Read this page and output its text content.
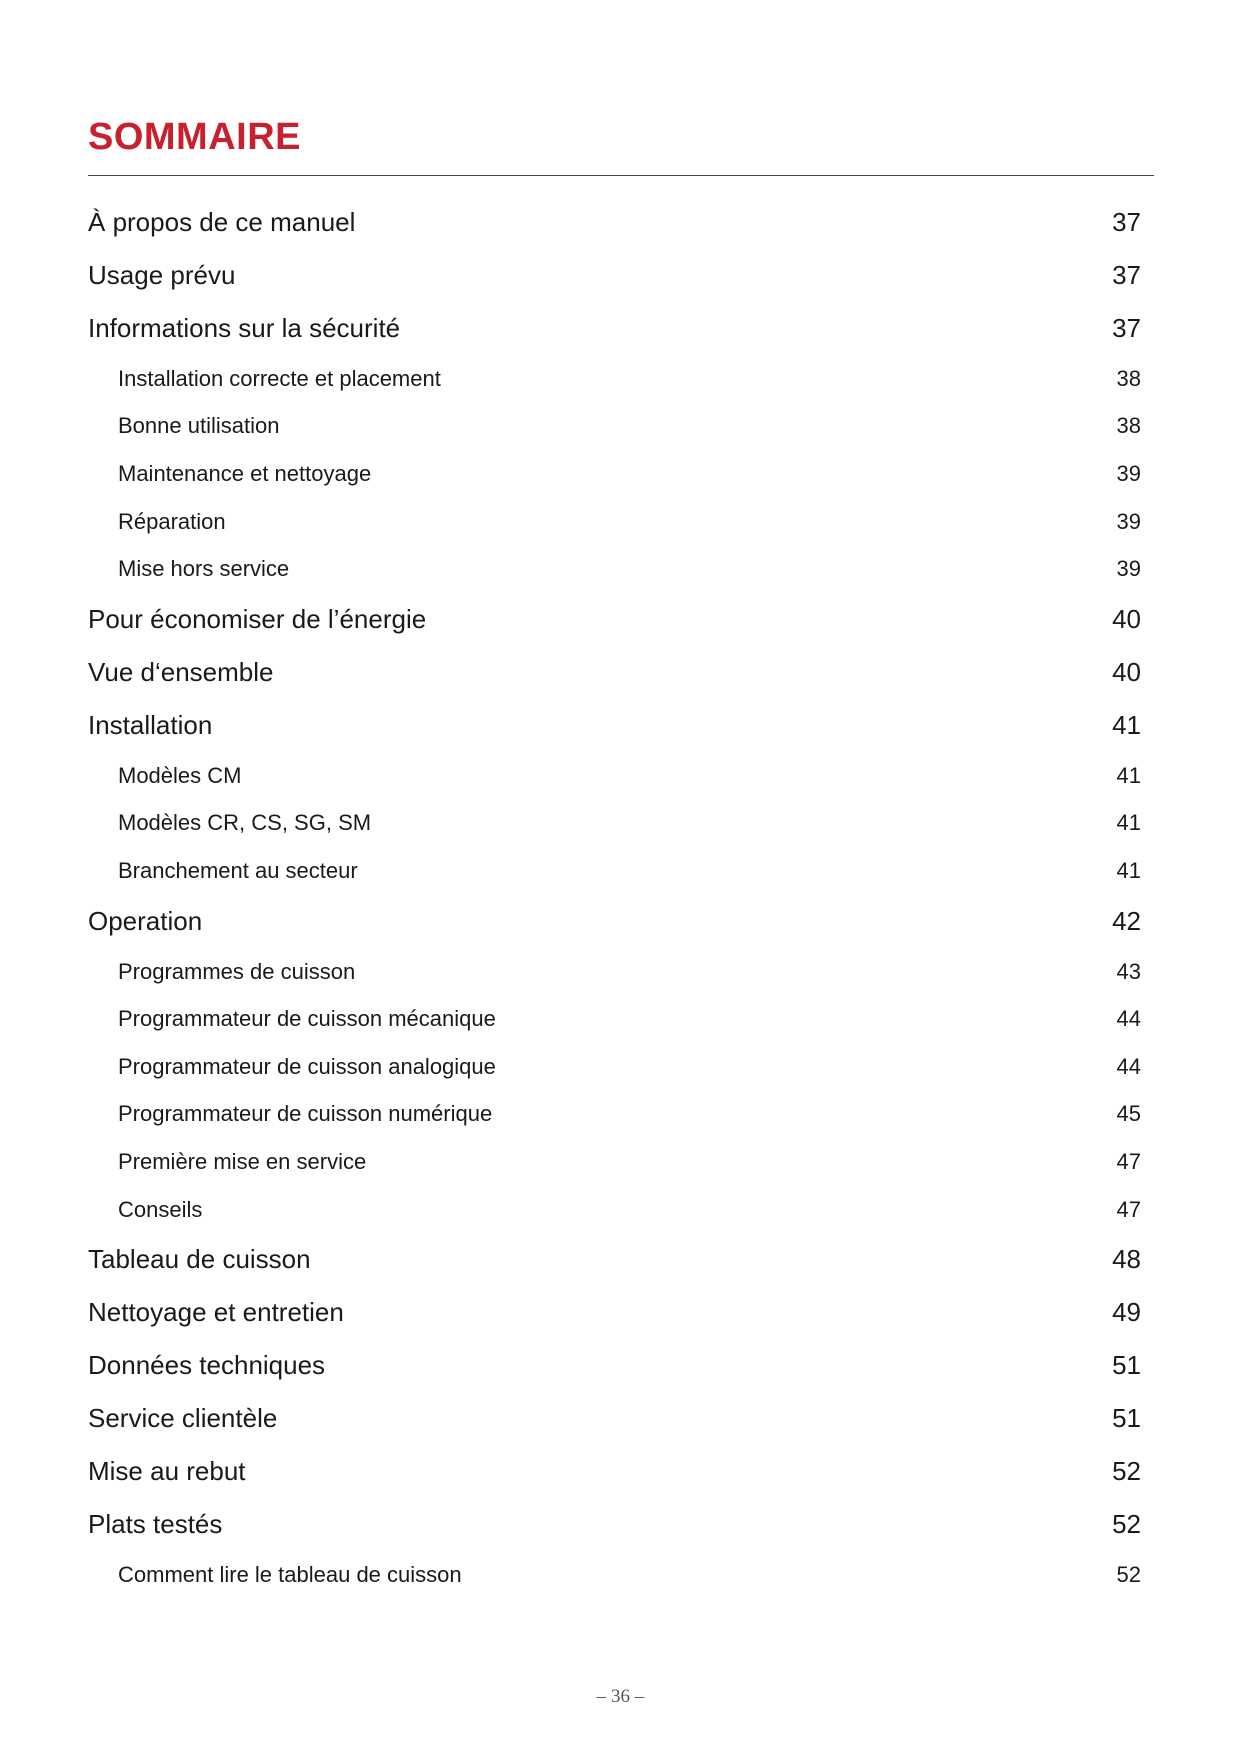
SOMMAIRE
À propos de ce manuel	37
Usage prévu	37
Informations sur la sécurité	37
Installation correcte et placement	38
Bonne utilisation	38
Maintenance et nettoyage	39
Réparation	39
Mise hors service	39
Pour économiser de l’énergie	40
Vue d‘ensemble	40
Installation	41
Modèles CM	41
Modèles CR, CS, SG, SM	41
Branchement au secteur	41
Operation	42
Programmes de cuisson	43
Programmateur de cuisson mécanique	44
Programmateur de cuisson analogique	44
Programmateur de cuisson numérique	45
Première mise en service	47
Conseils	47
Tableau de cuisson	48
Nettoyage et entretien	49
Données techniques	51
Service clientèle	51
Mise au rebut	52
Plats testés	52
Comment lire le tableau de cuisson	52
– 36 –
